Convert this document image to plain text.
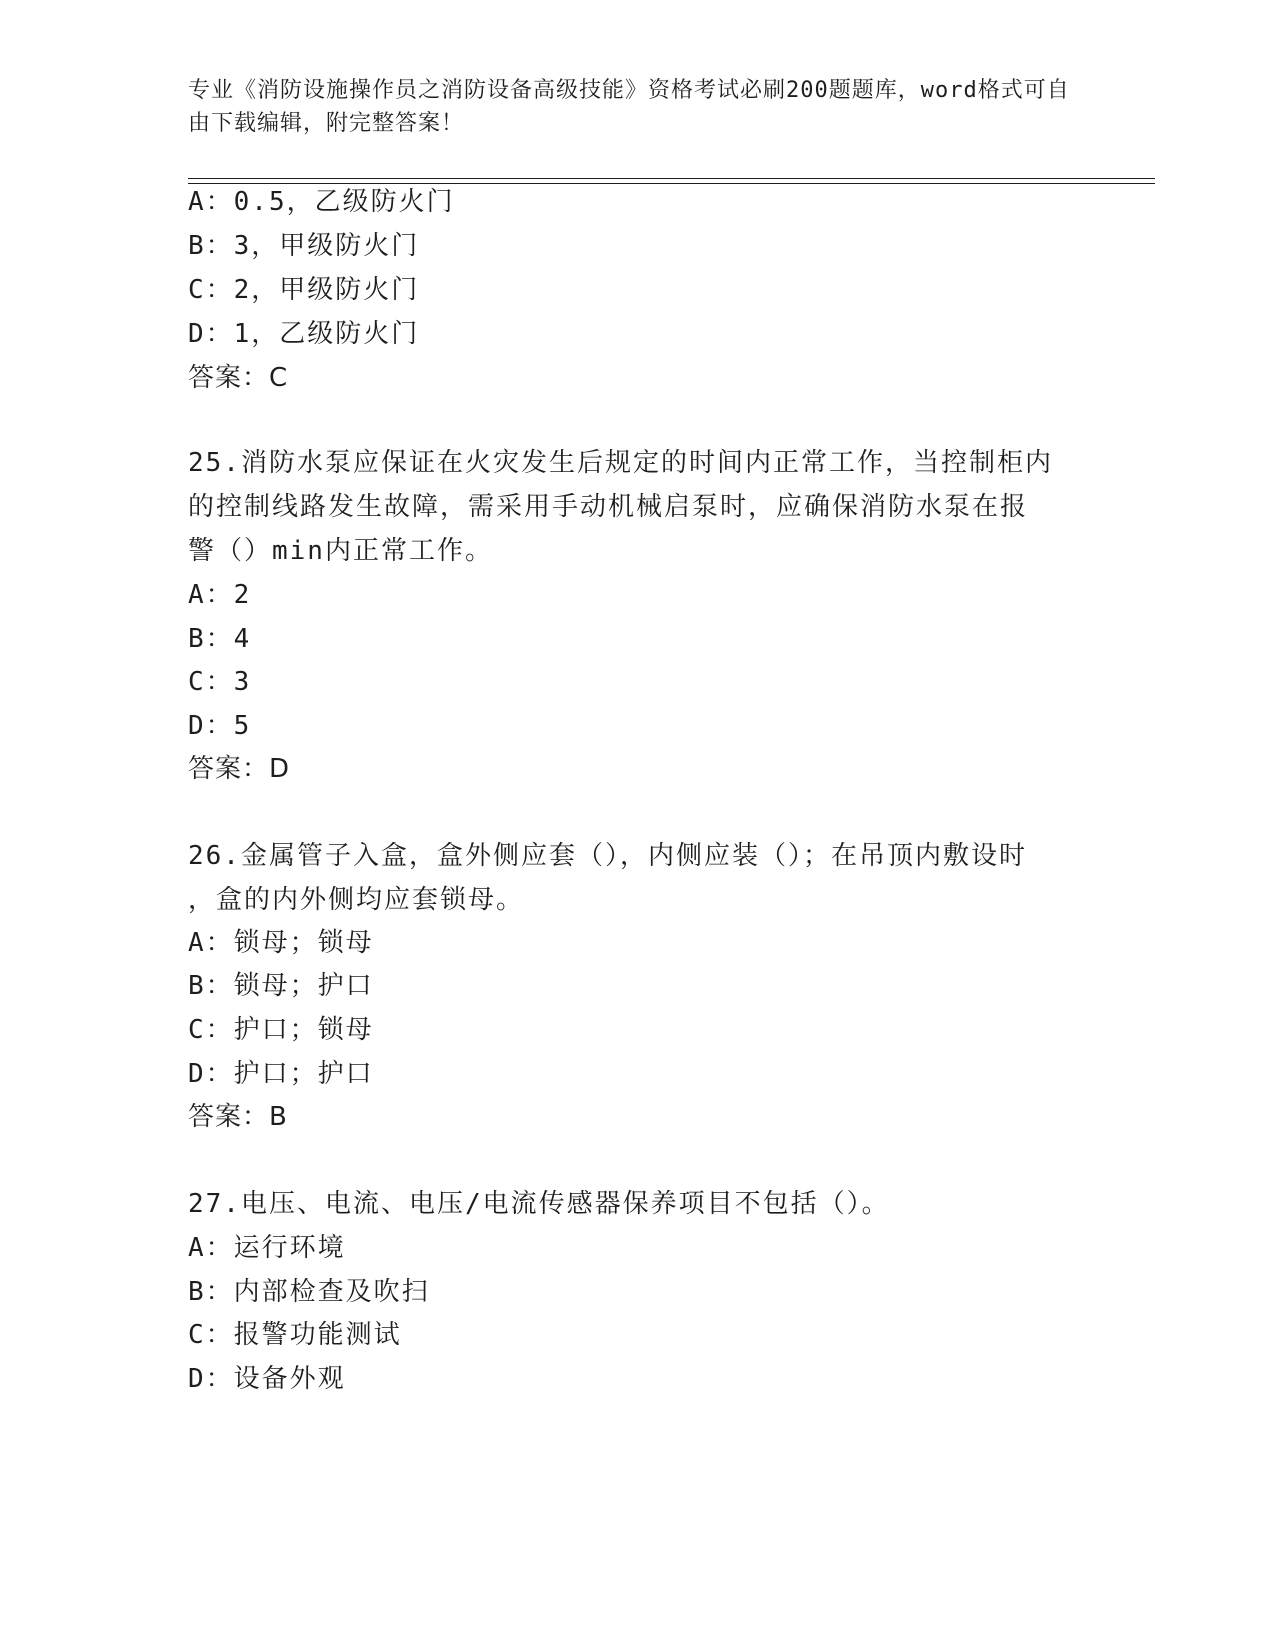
专业《消防设施操作员之消防设备高级技能》资格考试必刷200题题库，word格式可自由下载编辑，附完整答案！
A：0.5，乙级防火门
B：3，甲级防火门
C：2，甲级防火门
D：1，乙级防火门
答案：C
25.消防水泵应保证在火灾发生后规定的时间内正常工作，当控制柜内
的控制线路发生故障，需采用手动机械启泵时，应确保消防水泵在报
警（）min内正常工作。
A：2
B：4
C：3
D：5
答案：D
26.金属管子入盒，盒外侧应套（），内侧应装（）；在吊顶内敷设时
，盒的内外侧均应套锁母。
A：锁母；锁母
B：锁母；护口
C：护口；锁母
D：护口；护口
答案：B
27.电压、电流、电压/电流传感器保养项目不包括（）。
A：运行环境
B：内部检查及吹扫
C：报警功能测试
D：设备外观
